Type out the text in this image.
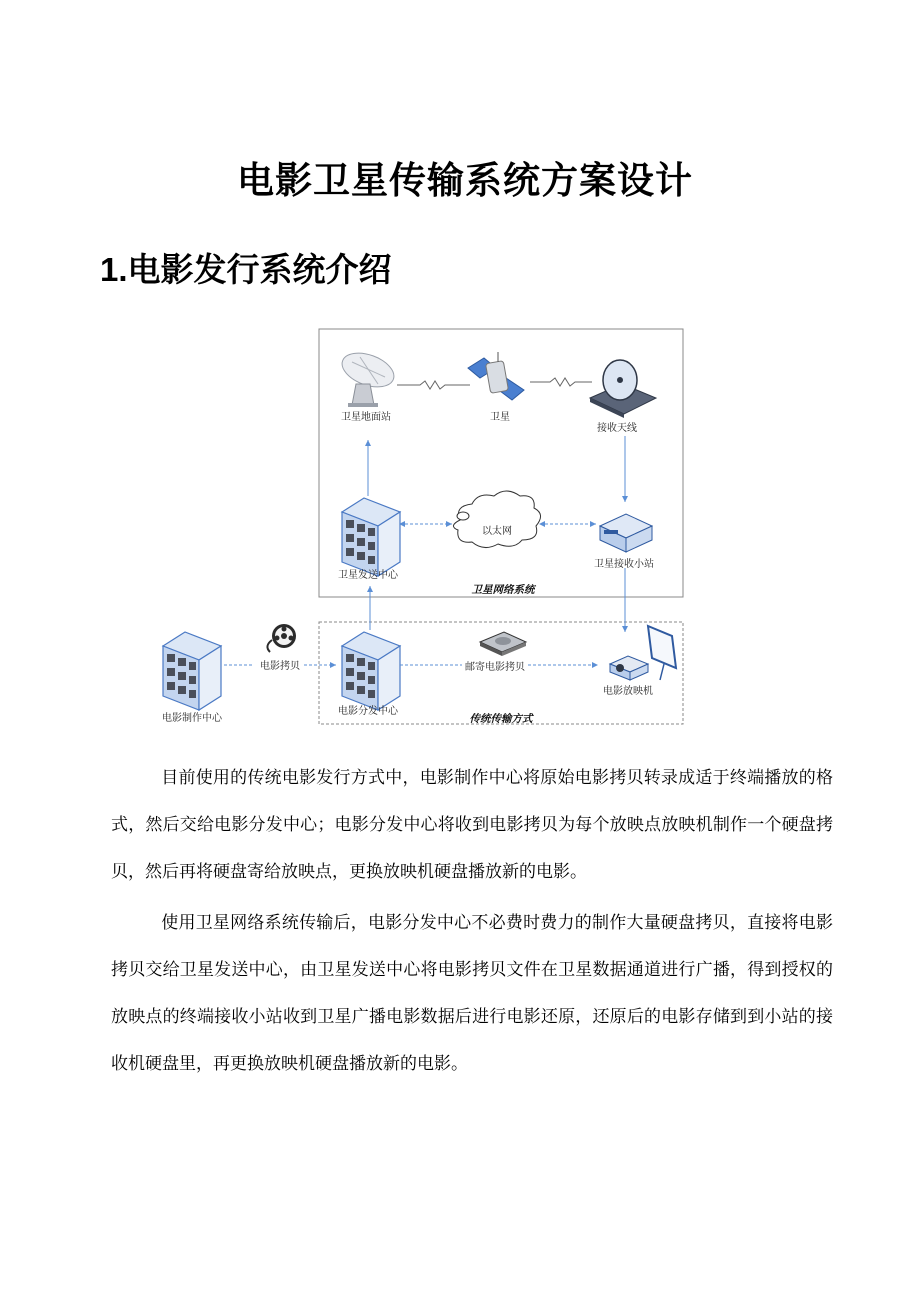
电影卫星传输系统方案设计
1.电影发行系统介绍
卫星网络系统
传统传输方式
卫星地面站	卫星
接收天线
卫星发送中心
以太网
卫星接收小站
电影制作中心
电影拷贝
电影分发中心
邮寄电影拷贝
电影放映机
目前使用的传统电影发行方式中，电影制作中心将原始电影拷贝转录成适于终端播放的格式，然后交给电影分发中心；电影分发中心将收到电影拷贝为每个放映点放映机制作一个硬盘拷贝，然后再将硬盘寄给放映点，更换放映机硬盘播放新的电影。
使用卫星网络系统传输后，电影分发中心不必费时费力的制作大量硬盘拷贝，直接将电影拷贝交给卫星发送中心，由卫星发送中心将电影拷贝文件在卫星数据通道进行广播，得到授权的放映点的终端接收小站收到卫星广播电影数据后进行电影还原，还原后的电影存储到到小站的接收机硬盘里，再更换放映机硬盘播放新的电影。
